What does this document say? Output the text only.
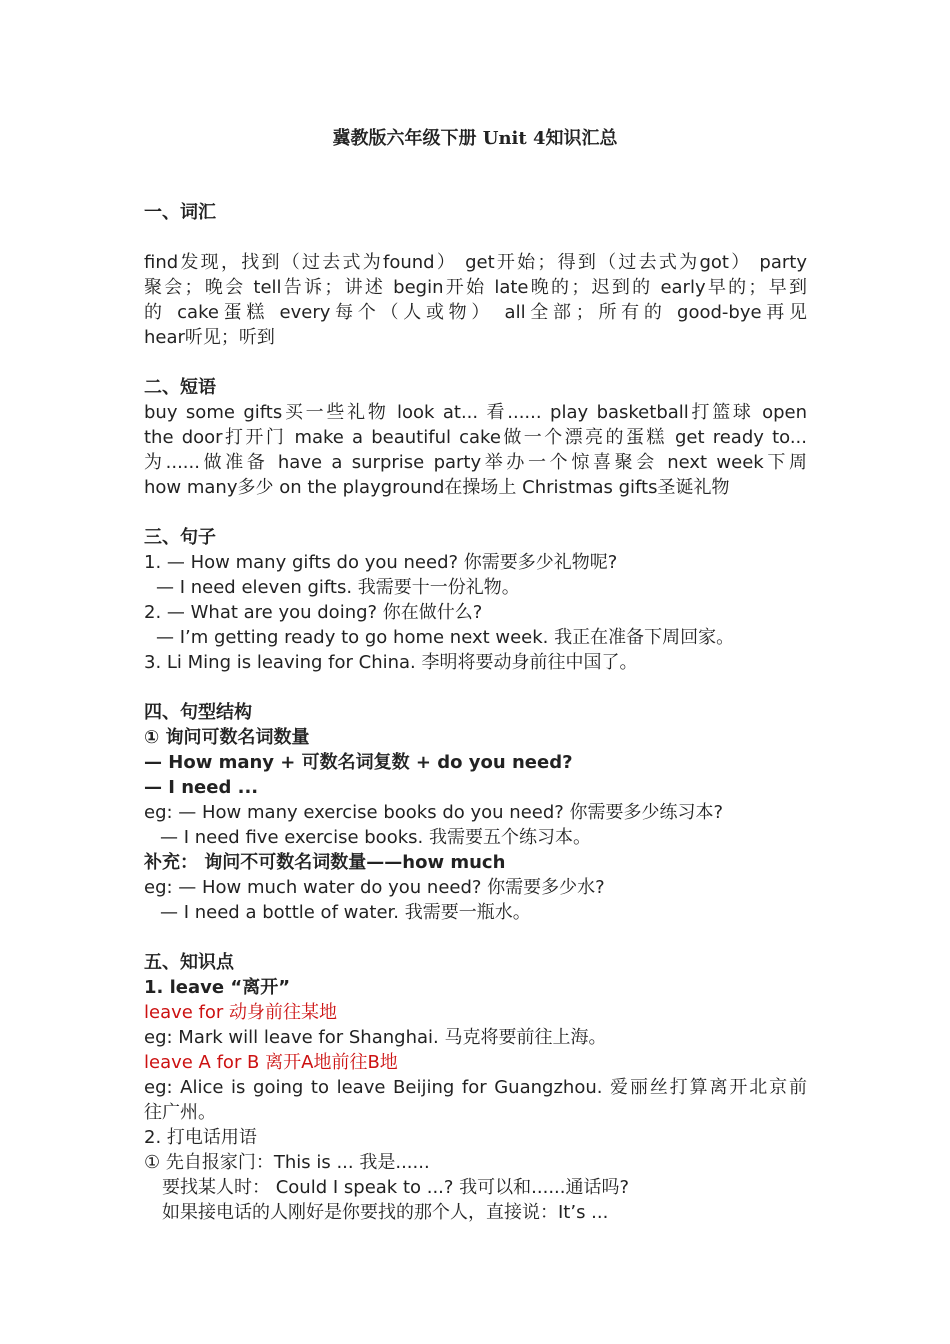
冀教版六年级下册 Unit 4知识汇总
一、词汇
find发现，找到（过去式为found） get开始；得到（过去式为got） party
聚会；晚会 tell告诉；讲述 begin开始 late晚的；迟到的 early早的；早到
的 cake蛋糕 every每个（人或物） all全部；所有的 good-bye再见
hear听见；听到
二、短语
buy some gifts买一些礼物 look at... 看...... play basketball打篮球 open
the door打开门 make a beautiful cake做一个漂亮的蛋糕 get ready to...
为......做准备 have a surprise party举办一个惊喜聚会 next week下周
how many多少 on the playground在操场上 Christmas gifts圣诞礼物
三、句子
1. — How many gifts do you need? 你需要多少礼物呢?
— I need eleven gifts. 我需要十一份礼物。
2. — What are you doing? 你在做什么?
— I’m getting ready to go home next week. 我正在准备下周回家。
3. Li Ming is leaving for China. 李明将要动身前往中国了。
四、句型结构
① 询问可数名词数量
— How many + 可数名词复数 + do you need?
— I need ...
eg: — How many exercise books do you need? 你需要多少练习本?
— I need five exercise books. 我需要五个练习本。
补充： 询问不可数名词数量——how much
eg: — How much water do you need? 你需要多少水?
— I need a bottle of water. 我需要一瓶水。
五、知识点
1. leave “离开”
leave for 动身前往某地
eg: Mark will leave for Shanghai. 马克将要前往上海。
leave A for B 离开A地前往B地
eg: Alice is going to leave Beijing for Guangzhou. 爱丽丝打算离开北京前
往广州。
2. 打电话用语
① 先自报家门：This is ... 我是......
要找某人时： Could I speak to ...? 我可以和......通话吗?
如果接电话的人刚好是你要找的那个人，直接说：It’s ...
